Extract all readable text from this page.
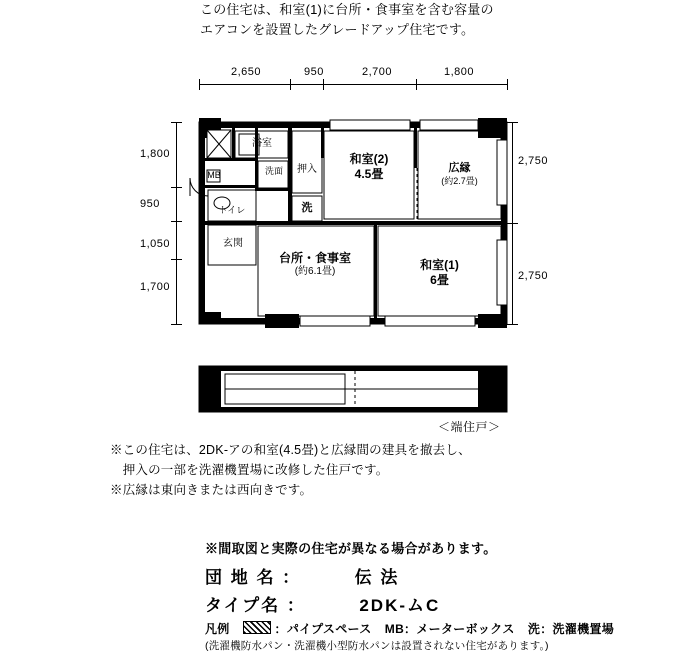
この住宅は、和室(1)に台所・食事室を含む容量の
エアコンを設置したグレードアップ住宅です。
2,650	950	2,700	1,800
1,800
950
1,050
1,700
2,750
2,750
MB
浴室
洗面
トイレ
玄関
押入
洗
和室(2)
4.5畳	広縁
(約2.7畳)
台所・食事室
(約6.1畳)	和室(1)
6畳
＜端住戸＞
※この住宅は、2DK-アの和室(4.5畳)と広縁間の建具を撤去し、
　押入の一部を洗濯機置場に改修した住戸です。
※広縁は東向きまたは西向きです。
※間取図と実際の住宅が異なる場合があります。
団 地 名 ：	伝 法
タイプ名 ：	2DK-ムC
凡例	：パイプスペース MB：メーターボックス 洗：洗濯機置場
(洗濯機防水パン・洗濯機小型防水パンは設置されない住宅があります。)
